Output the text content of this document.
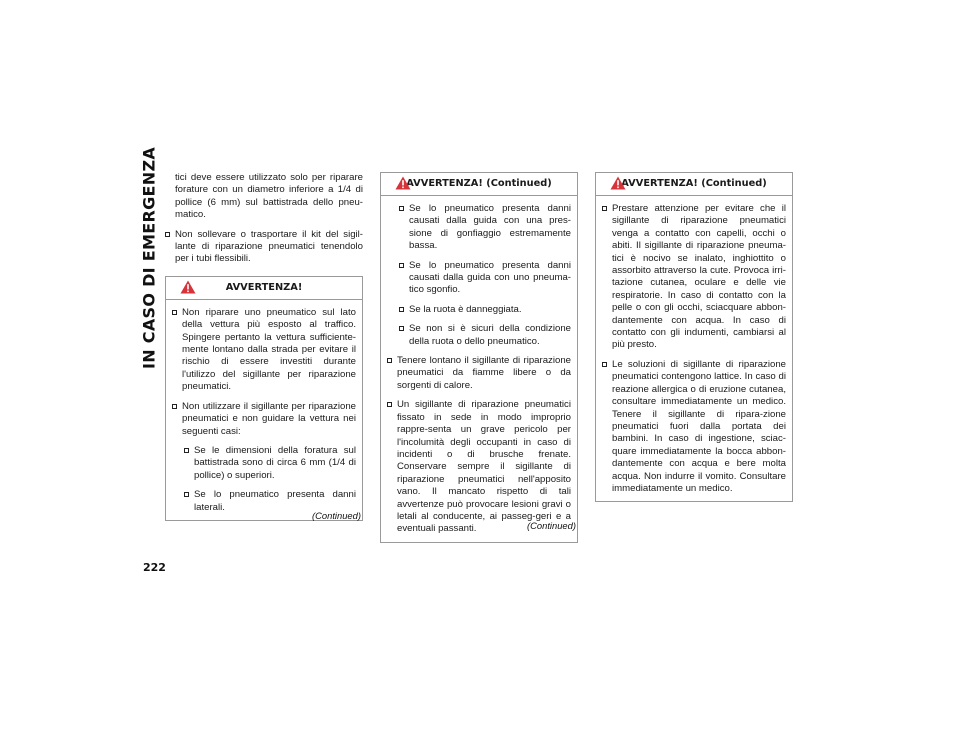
IN CASO DI EMERGENZA
222

tici deve essere utilizzato solo per riparare forature con un diametro inferiore a 1/4 di pollice (6 mm) sul battistrada dello pneu-matico.

Non sollevare o trasportare il kit del sigil-lante di riparazione pneumatici tenendolo per i tubi flessibili.
AVVERTENZA!
Non riparare uno pneumatico sul lato della vettura più esposto al traffico. Spingere pertanto la vettura sufficiente-mente lontano dalla strada per evitare il rischio di essere investiti durante l'utilizzo del sigillante per riparazione pneumatici.
Non utilizzare il sigillante per riparazione pneumatici e non guidare la vettura nei seguenti casi:
Se le dimensioni della foratura sul battistrada sono di circa 6 mm (1/4 di pollice) o superiori.
Se lo pneumatico presenta danni laterali.
(Continued)
AVVERTENZA! (Continued)
Se lo pneumatico presenta danni causati dalla guida con una pres-sione di gonfiaggio estremamente bassa.
Se lo pneumatico presenta danni causati dalla guida con uno pneuma-tico sgonfio.
Se la ruota è danneggiata.
Se non si è sicuri della condizione della ruota o dello pneumatico.
Tenere lontano il sigillante di riparazione pneumatici da fiamme libere o da sorgenti di calore.
Un sigillante di riparazione pneumatici fissato in sede in modo improprio rappre-senta un grave pericolo per l'incolumità degli occupanti in caso di incidenti o di brusche frenate. Conservare sempre il sigillante di riparazione pneumatici nell'apposito vano. Il mancato rispetto di tali avvertenze può provocare lesioni gravi o letali al conducente, ai passeg-geri e a eventuali passanti.	(Continued)
AVVERTENZA! (Continued)
Prestare attenzione per evitare che il sigillante di riparazione pneumatici venga a contatto con capelli, occhi o abiti. Il sigillante di riparazione pneuma-tici è nocivo se inalato, inghiottito o assorbito attraverso la cute. Provoca irri-tazione cutanea, oculare e delle vie respiratorie. In caso di contatto con la pelle o con gli occhi, sciacquare abbon-dantemente con acqua. In caso di contatto con gli indumenti, cambiarsi al più presto.
Le soluzioni di sigillante di riparazione pneumatici contengono lattice. In caso di reazione allergica o di eruzione cutanea, consultare immediatamente un medico. Tenere il sigillante di ripara-zione pneumatici fuori dalla portata dei bambini. In caso di ingestione, sciac-quare immediatamente la bocca abbon-dantemente con acqua e bere molta acqua. Non indurre il vomito. Consultare immediatamente un medico.
